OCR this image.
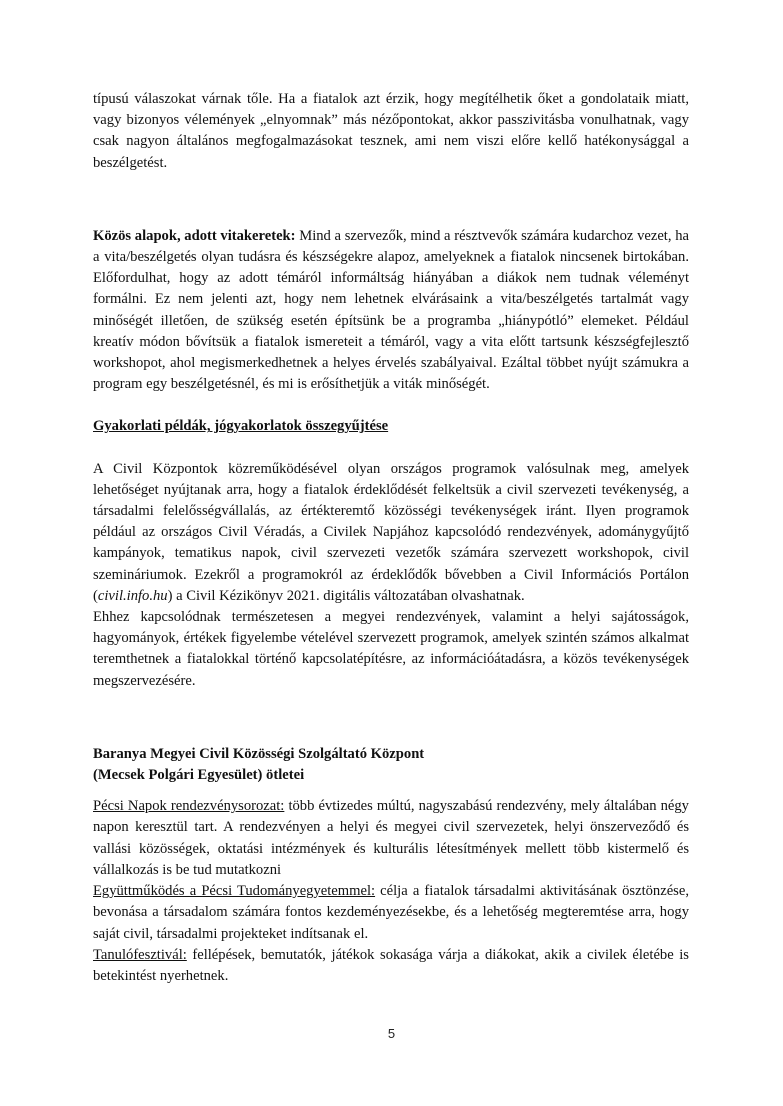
típusú válaszokat várnak tőle. Ha a fiatalok azt érzik, hogy megítélhetik őket a gondolataik miatt, vagy bizonyos vélemények „elnyomnak” más nézőpontokat, akkor passzivitásba vonulhatnak, vagy csak nagyon általános megfogalmazásokat tesznek, ami nem viszi előre kellő hatékonysággal a beszélgetést.

Közös alapok, adott vitakeretek: Mind a szervezők, mind a résztvevők számára kudarchoz vezet, ha a vita/beszélgetés olyan tudásra és készségekre alapoz, amelyeknek a fiatalok nincsenek birtokában. Előfordulhat, hogy az adott témáról informáltság hiányában a diákok nem tudnak véleményt formálni. Ez nem jelenti azt, hogy nem lehetnek elvárásaink a vita/beszélgetés tartalmát vagy minőségét illetően, de szükség esetén építsünk be a programba „hiánypótló” elemeket. Például kreatív módon bővítsük a fiatalok ismereteit a témáról, vagy a vita előtt tartsunk készségfejlesztő workshopot, ahol megismerkedhetnek a helyes érvelés szabályaival. Ezáltal többet nyújt számukra a program egy beszélgetésnél, és mi is erősíthetjük a viták minőségét.

Gyakorlati példák, jógyakorlatok összegyűjtése

A Civil Központok közreműködésével olyan országos programok valósulnak meg, amelyek lehetőséget nyújtanak arra, hogy a fiatalok érdeklődését felkeltsük a civil szervezeti tevékenység, a társadalmi felelősségvállalás, az értékteremtő közösségi tevékenységek iránt. Ilyen programok például az országos Civil Véradás, a Civilek Napjához kapcsolódó rendezvények, adománygyűjtő kampányok, tematikus napok, civil szervezeti vezetők számára szervezett workshopok, civil szemináriumok. Ezekről a programokról az érdeklődők bővebben a Civil Információs Portálon (civil.info.hu) a Civil Kézikönyv 2021. digitális változatában olvashatnak.

Ehhez kapcsolódnak természetesen a megyei rendezvények, valamint a helyi sajátosságok, hagyományok, értékek figyelembe vételével szervezett programok, amelyek szintén számos alkalmat teremthetnek a fiatalokkal történő kapcsolatépítésre, az információátadásra, a közös tevékenységek megszervezésére.

Baranya Megyei Civil Közösségi Szolgáltató Központ

(Mecsek Polgári Egyesület) ötletei

Pécsi Napok rendezvénysorozat: több évtizedes múltú, nagyszabású rendezvény, mely általában négy napon keresztül tart. A rendezvényen a helyi és megyei civil szervezetek, helyi önszerveződő és vallási közösségek, oktatási intézmények és kulturális létesítmények mellett több kistermelő és vállalkozás is be tud mutatkozni

Együttműködés a Pécsi Tudományegyetemmel: célja a fiatalok társadalmi aktivitásának ösztönzése, bevonása a társadalom számára fontos kezdeményezésekbe, és a lehetőség megteremtése arra, hogy saját civil, társadalmi projekteket indítsanak el.

Tanulófesztivál: fellépések, bemutatók, játékok sokasága várja a diákokat, akik a civilek életébe is betekintést nyerhetnek.

5
